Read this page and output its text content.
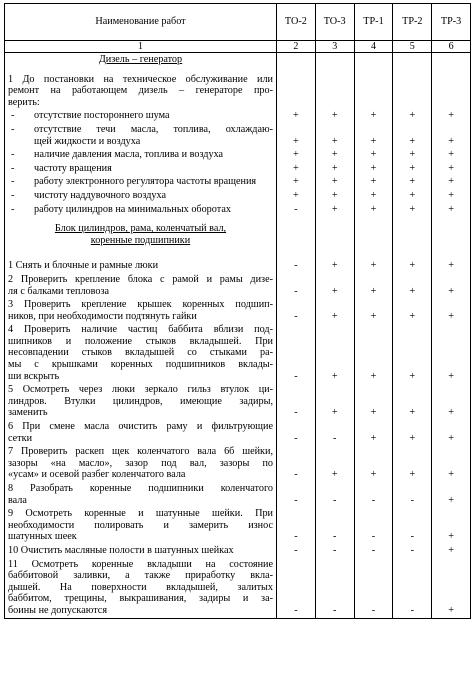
Наименование работ	ТО-2	ТО-3	ТР-1	ТР-2	ТР-3
1	2	3	4	5	6

Дизель – генератор					

1 До постановки на техническое обслуживание или
ремонт на работающем дизель – генераторе про-
верить:					

- отсутствие постороннего шума	+	+	+	+	+

- отсутствие течи масла, топлива, охлаждаю-
щей жидкости и воздуха	+	+	+	+	+

- наличие давления масла, топлива и воздуха	+	+	+	+	+

- частоту вращения	+	+	+	+	+

- работу электронного регулятора частоты вращения	+	+	+	+	+

- чистоту наддувочного воздуха	+	+	+	+	+

- работу цилиндров на минимальных оборотах	-	+	+	+	+

Блок цилиндров, рама, коленчатый вал,
коренные подшипники					

1 Снять и блочные и рамные люки	-	+	+	+	+

2 Проверить крепление блока с рамой и рамы дизе-
ля с балками тепловоза	-	+	+	+	+

3 Проверить крепление крышек коренных подшип-
ников, при необходимости подтянуть гайки	-	+	+	+	+

4 Проверить наличие частиц баббита вблизи под-
шипников и положение стыков вкладышей. При
несовпадении стыков вкладышей со стыками ра-
мы с крышками коренных подшипников вклады-
ши вскрыть	-	+	+	+	+

5 Осмотреть через люки зеркало гильз втулок ци-
линдров. Втулки цилиндров, имеющие задиры,
заменить	-	+	+	+	+

6 При смене масла очистить раму и фильтрующие
сетки	-	-	+	+	+

7 Проверить раскеп щек коленчатого вала 6б шейки,
зазоры «на масло», зазор под вал, зазоры по
«усам» и осевой разбег коленчатого вала	-	+	+	+	+

8 Разобрать коренные подшипники коленчатого
вала	-	-	-	-	+

9 Осмотреть коренные и шатунные шейки. При
необходимости полировать и замерить износ
шатунных шеек	-	-	-	-	+

10 Очистить масляные полости в шатунных шейках	-	-	-	-	+

11 Осмотреть коренные вкладыши на состояние
баббитовой заливки, а также приработку вкла-
дышей. На поверхности вкладышей, залитых
баббитом, трещины, выкрашивания, задиры и за-
боины не допускаются	-	-	-	-	+
